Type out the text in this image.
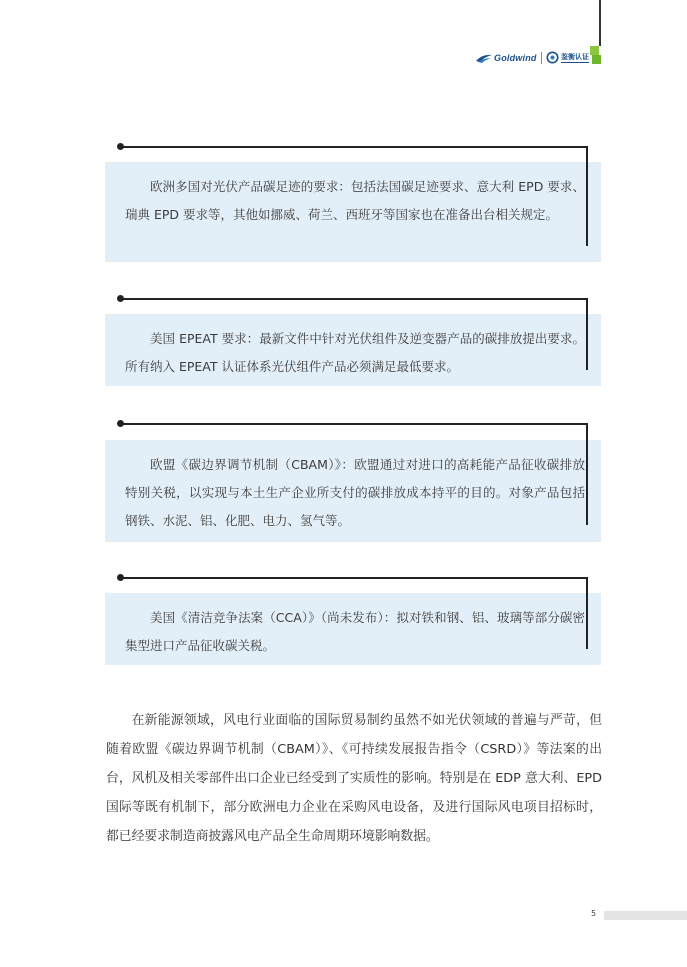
Goldwind	鉴衡认证

欧洲多国对光伏产品碳足迹的要求：包括法国碳足迹要求、意大利 EPD 要求、瑞典 EPD 要求等，其他如挪威、荷兰、西班牙等国家也在准备出台相关规定。

美国 EPEAT 要求：最新文件中针对光伏组件及逆变器产品的碳排放提出要求。所有纳入 EPEAT 认证体系光伏组件产品必须满足最低要求。

欧盟《碳边界调节机制（CBAM）》：欧盟通过对进口的高耗能产品征收碳排放特别关税，以实现与本土生产企业所支付的碳排放成本持平的目的。对象产品包括钢铁、水泥、铝、化肥、电力、氢气等。

美国《清洁竞争法案（CCA）》（尚未发布）：拟对铁和钢、铝、玻璃等部分碳密集型进口产品征收碳关税。

在新能源领域，风电行业面临的国际贸易制约虽然不如光伏领域的普遍与严苛，但随着欧盟《碳边界调节机制（CBAM）》、《可持续发展报告指令（CSRD）》等法案的出台，风机及相关零部件出口企业已经受到了实质性的影响。特别是在 EDP 意大利、EPD 国际等既有机制下，部分欧洲电力企业在采购风电设备，及进行国际风电项目招标时，都已经要求制造商披露风电产品全生命周期环境影响数据。

5
